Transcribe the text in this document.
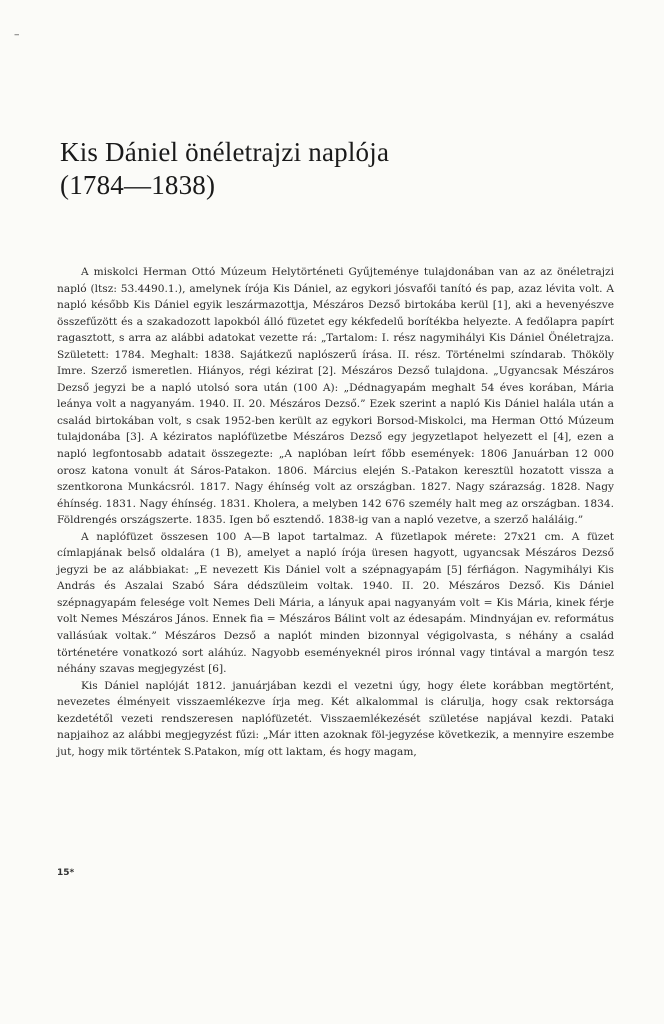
–
Kis Dániel önéletrajzi naplója
(1784—1838)

A miskolci Herman Ottó Múzeum Helytörténeti Gyűjteménye tulajdonában van az az önéletrajzi napló (ltsz: 53.4490.1.), amelynek írója Kis Dániel, az egykori jósvafői tanító és pap, azaz lévita volt. A napló később Kis Dániel egyik leszármazottja, Mészáros Dezső birtokába kerül [1], aki a hevenyészve összefűzött és a szakadozott lapokból álló füzetet egy kékfedelű borítékba helyezte. A fedőlapra papírt ragasztott, s arra az alábbi adatokat vezette rá: „Tartalom: I. rész nagymihályi Kis Dániel Önéletrajza. Született: 1784. Meghalt: 1838. Sajátkezű naplószerű írása. II. rész. Történelmi színdarab. Thököly Imre. Szerző ismeretlen. Hiányos, régi kézirat [2]. Mészáros Dezső tulajdona. „Ugyancsak Mészáros Dezső jegyzi be a napló utolsó sora után (100 A): „Dédnagyapám meghalt 54 éves korában, Mária leánya volt a nagyanyám. 1940. II. 20. Mészáros Dezső.” Ezek szerint a napló Kis Dániel halála után a család birtokában volt, s csak 1952-ben került az egykori Borsod-Miskolci, ma Herman Ottó Múzeum tulajdonába [3]. A kéziratos naplófüzetbe Mészáros Dezső egy jegyzetlapot helyezett el [4], ezen a napló legfontosabb adatait összegezte: „A naplóban leírt főbb események: 1806 Januárban 12 000 orosz katona vonult át Sáros-Patakon. 1806. Március elején S.-Patakon keresztül hozatott vissza a szentkorona Munkácsról. 1817. Nagy éhínség volt az országban. 1827. Nagy szárazság. 1828. Nagy éhínség. 1831. Nagy éhínség. 1831. Kholera, a melyben 142 676 személy halt meg az országban. 1834. Földrengés országszerte. 1835. Igen bő esztendő. 1838-ig van a napló vezetve, a szerző haláláig.”

A naplófüzet összesen 100 A—B lapot tartalmaz. A füzetlapok mérete: 27x21 cm. A füzet címlapjának belső oldalára (1 B), amelyet a napló írója üresen hagyott, ugyancsak Mészáros Dezső jegyzi be az alábbiakat: „E nevezett Kis Dániel volt a szépnagyapám [5] férfiágon. Nagymihályi Kis András és Aszalai Szabó Sára dédszüleim voltak. 1940. II. 20. Mészáros Dezső. Kis Dániel szépnagyapám felesége volt Nemes Deli Mária, a lányuk apai nagyanyám volt = Kis Mária, kinek férje volt Nemes Mészáros János. Ennek fia = Mészáros Bálint volt az édesapám. Mindnyájan ev. református vallásúak voltak.” Mészáros Dezső a naplót minden bizonnyal végigolvasta, s néhány a család történetére vonatkozó sort aláhúz. Nagyobb eseményeknél piros irónnal vagy tintával a margón tesz néhány szavas megjegyzést [6].

Kis Dániel naplóját 1812. januárjában kezdi el vezetni úgy, hogy élete korábban megtörtént, nevezetes élményeit visszaemlékezve írja meg. Két alkalommal is clárulja, hogy csak rektorsága kezdetétől vezeti rendszeresen naplófüzetét. Visszaemlékezését születése napjával kezdi. Pataki napjaihoz az alábbi megjegyzést fűzi: „Már itten azoknak föl-jegyzése következik, a mennyire eszembe jut, hogy mik történtek S.Patakon, míg ott laktam, és hogy magam,

15*
